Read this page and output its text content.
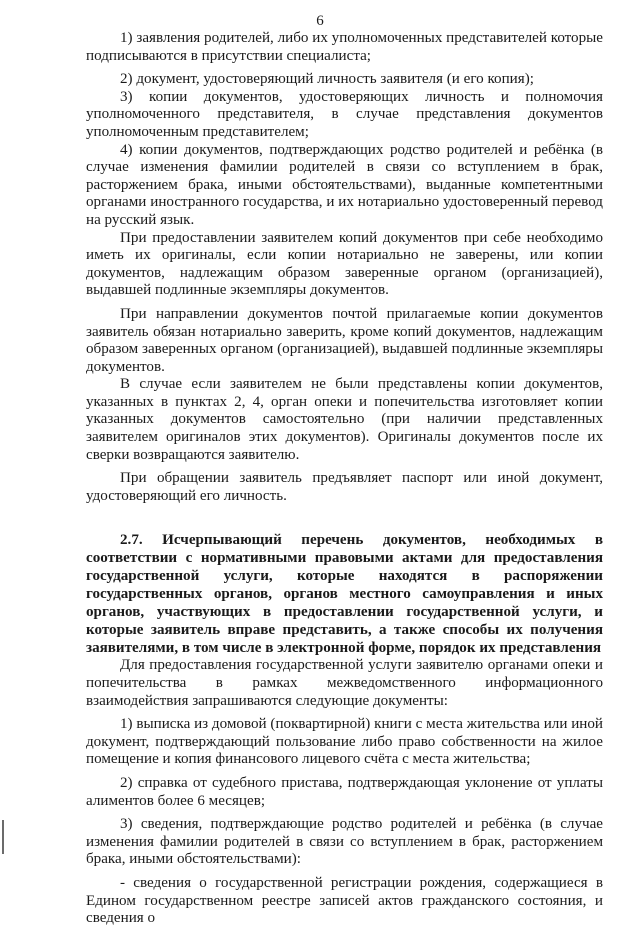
6

1) заявления родителей, либо их уполномоченных представителей которые подписываются в присутствии специалиста;

2) документ, удостоверяющий личность заявителя (и его копия);

3) копии документов, удостоверяющих личность и полномочия уполномоченного представителя, в случае представления документов уполномоченным представителем;

4) копии документов, подтверждающих родство родителей и ребёнка (в случае изменения фамилии родителей в связи со вступлением в брак, расторжением брака, иными обстоятельствами), выданные компетентными органами иностранного государства, и их нотариально удостоверенный перевод на русский язык.

При предоставлении заявителем копий документов при себе необходимо иметь их оригиналы, если копии нотариально не заверены, или копии документов, надлежащим образом заверенные органом (организацией), выдавшей подлинные экземпляры документов.

При направлении документов почтой прилагаемые копии документов заявитель обязан нотариально заверить, кроме копий документов, надлежащим образом заверенных органом (организацией), выдавшей подлинные экземпляры документов.

В случае если заявителем не были представлены копии документов, указанных в пунктах 2, 4, орган опеки и попечительства изготовляет копии указанных документов самостоятельно (при наличии представленных заявителем оригиналов этих документов). Оригиналы документов после их сверки возвращаются заявителю.

При обращении заявитель предъявляет паспорт или иной документ, удостоверяющий его личность.

2.7. Исчерпывающий перечень документов, необходимых в соответствии с нормативными правовыми актами для предоставления государственной услуги, которые находятся в распоряжении государственных органов, органов местного самоуправления и иных органов, участвующих в предоставлении государственной услуги, и которые заявитель вправе представить, а также способы их получения заявителями, в том числе в электронной форме, порядок их представления

Для предоставления государственной услуги заявителю органами опеки и попечительства в рамках межведомственного информационного взаимодействия запрашиваются следующие документы:

1) выписка из домовой (поквартирной) книги с места жительства или иной документ, подтверждающий пользование либо право собственности на жилое помещение и копия финансового лицевого счёта с места жительства;

2) справка от судебного пристава, подтверждающая уклонение от уплаты алиментов более 6 месяцев;

3) сведения, подтверждающие родство родителей и ребёнка (в случае изменения фамилии родителей в связи со вступлением в брак, расторжением брака, иными обстоятельствами):

- сведения о государственной регистрации рождения, содержащиеся в Едином государственном реестре записей актов гражданского состояния, и сведения о
